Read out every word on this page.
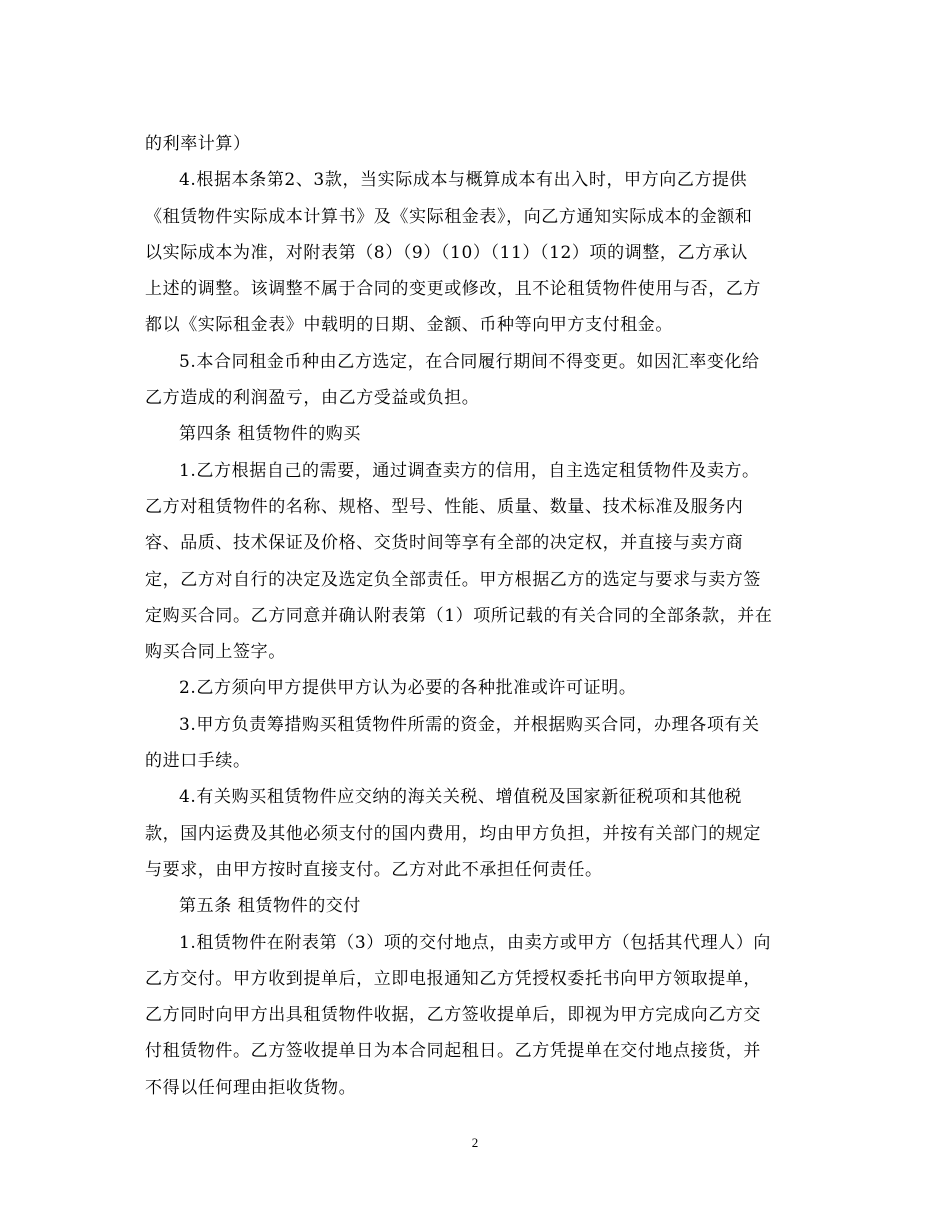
的利率计算）
4.根据本条第2、3款，当实际成本与概算成本有出入时，甲方向乙方提供
《租赁物件实际成本计算书》及《实际租金表》，向乙方通知实际成本的金额和
以实际成本为准，对附表第（8）（9）（10）（11）（12）项的调整，乙方承认
上述的调整。该调整不属于合同的变更或修改，且不论租赁物件使用与否，乙方
都以《实际租金表》中载明的日期、金额、币种等向甲方支付租金。
5.本合同租金币种由乙方选定，在合同履行期间不得变更。如因汇率变化给
乙方造成的利润盈亏，由乙方受益或负担。
第四条 租赁物件的购买
1.乙方根据自己的需要，通过调查卖方的信用，自主选定租赁物件及卖方。
乙方对租赁物件的名称、规格、型号、性能、质量、数量、技术标准及服务内
容、品质、技术保证及价格、交货时间等享有全部的决定权，并直接与卖方商
定，乙方对自行的决定及选定负全部责任。甲方根据乙方的选定与要求与卖方签
定购买合同。乙方同意并确认附表第（1）项所记载的有关合同的全部条款，并在
购买合同上签字。
2.乙方须向甲方提供甲方认为必要的各种批准或许可证明。
3.甲方负责筹措购买租赁物件所需的资金，并根据购买合同，办理各项有关
的进口手续。
4.有关购买租赁物件应交纳的海关关税、增值税及国家新征税项和其他税
款，国内运费及其他必须支付的国内费用，均由甲方负担，并按有关部门的规定
与要求，由甲方按时直接支付。乙方对此不承担任何责任。
第五条 租赁物件的交付
1.租赁物件在附表第（3）项的交付地点，由卖方或甲方（包括其代理人）向
乙方交付。甲方收到提单后，立即电报通知乙方凭授权委托书向甲方领取提单，
乙方同时向甲方出具租赁物件收据，乙方签收提单后，即视为甲方完成向乙方交
付租赁物件。乙方签收提单日为本合同起租日。乙方凭提单在交付地点接货，并
不得以任何理由拒收货物。
2
